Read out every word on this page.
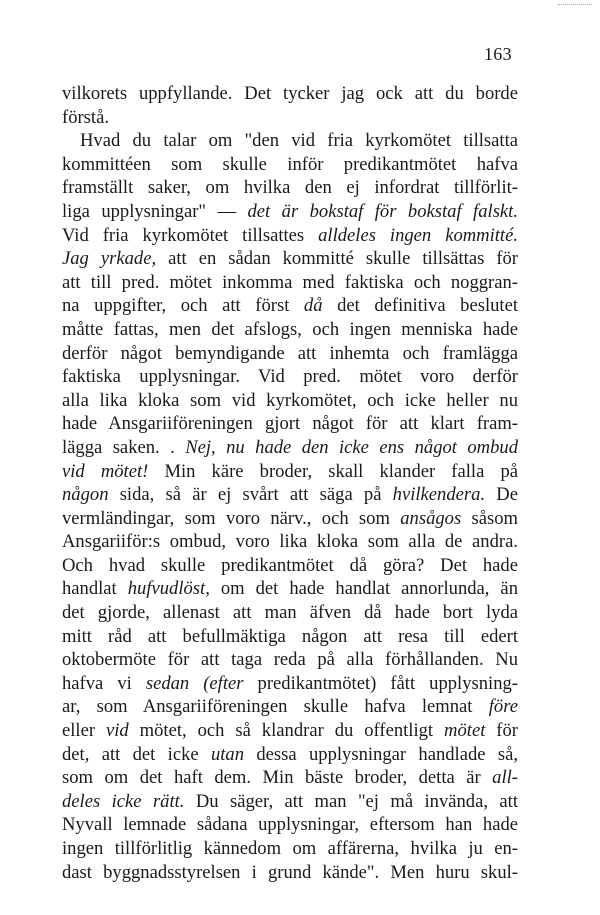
163
vilkorets uppfyllande. Det tycker jag ock att du borde
förstå.
Hvad du talar om "den vid fria kyrkomötet tillsatta
kommittéen som skulle inför predikantmötet hafva
framställt saker, om hvilka den ej infordrat tillförlit-
liga upplysningar" — det är bokstaf för bokstaf falskt.
Vid fria kyrkomötet tillsattes alldeles ingen kommitté.
Jag yrkade, att en sådan kommitté skulle tillsättas för
att till pred. mötet inkomma med faktiska och noggran-
na uppgifter, och att först då det definitiva beslutet
måtte fattas, men det afslogs, och ingen menniska hade
derför något bemyndigande att inhemta och framlägga
faktiska upplysningar. Vid pred. mötet voro derför
alla lika kloka som vid kyrkomötet, och icke heller nu
hade Ansgariiföreningen gjort något för att klart fram-
lägga saken. . Nej, nu hade den icke ens något ombud
vid mötet! Min käre broder, skall klander falla på
någon sida, så är ej svårt att säga på hvilkendera. De
vermländingar, som voro närv., och som ansågos såsom
Ansgariiför:s ombud, voro lika kloka som alla de andra.
Och hvad skulle predikantmötet då göra? Det hade
handlat hufvudlöst, om det hade handlat annorlunda, än
det gjorde, allenast att man äfven då hade bort lyda
mitt råd att befullmäktiga någon att resa till edert
oktobermöte för att taga reda på alla förhållanden. Nu
hafva vi sedan (efter predikantmötet) fått upplysning-
ar, som Ansgariiföreningen skulle hafva lemnat före
eller vid mötet, och så klandrar du offentligt mötet för
det, att det icke utan dessa upplysningar handlade så,
som om det haft dem. Min bäste broder, detta är all-
deles icke rätt. Du säger, att man "ej må invända, att
Nyvall lemnade sådana upplysningar, eftersom han hade
ingen tillförlitlig kännedom om affärerna, hvilka ju en-
dast byggnadsstyrelsen i grund kände". Men huru skul-
